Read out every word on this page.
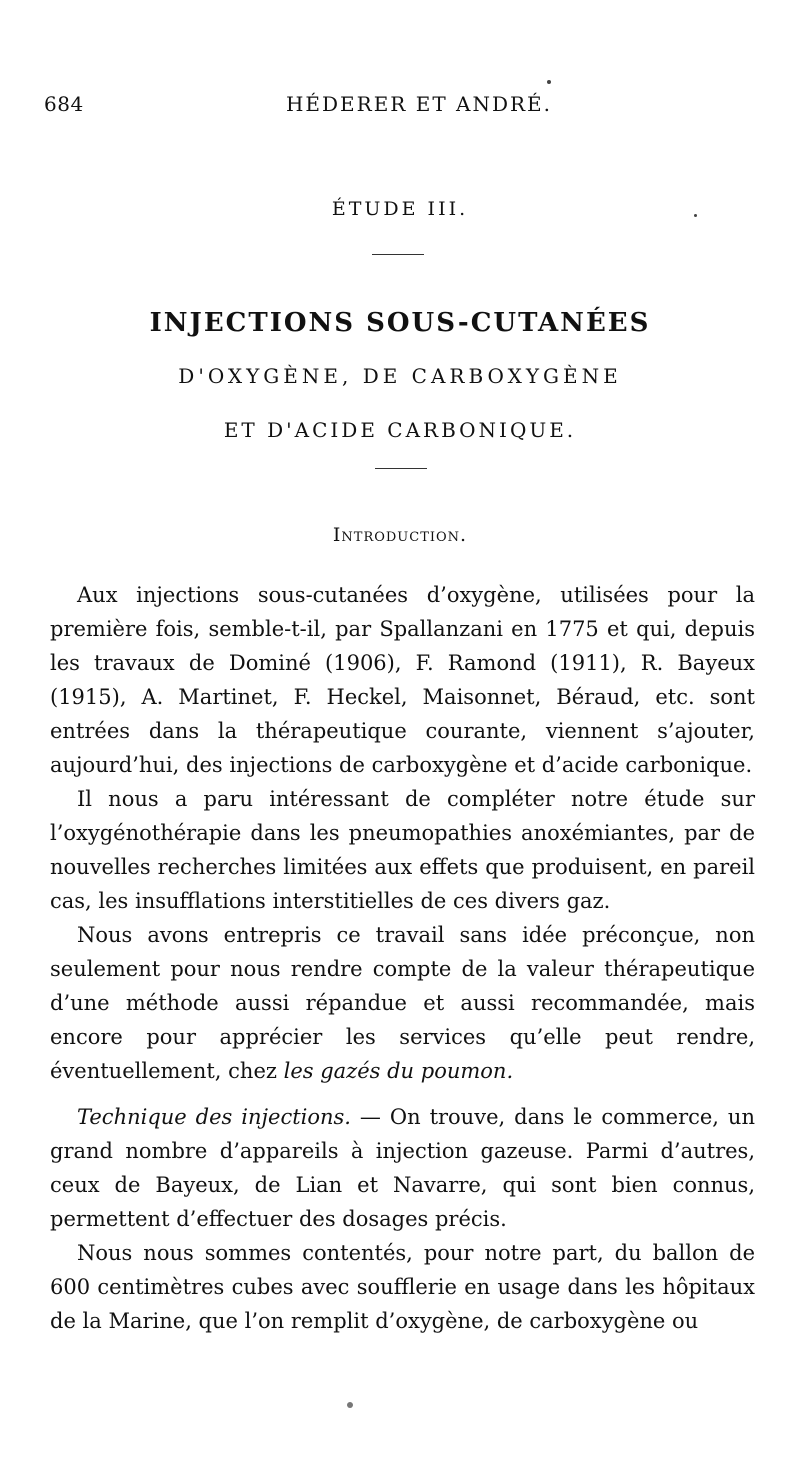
684	HÉDERER ET ANDRÉ.
ÉTUDE III.
INJECTIONS SOUS-CUTANÉES
D'OXYGÈNE, DE CARBOXYGÈNE
ET D'ACIDE CARBONIQUE.
Introduction.

Aux injections sous-cutanées d’oxygène, utilisées pour la première fois, semble-t-il, par Spallanzani en 1775 et qui, depuis les travaux de Dominé (1906), F. Ramond (1911), R. Bayeux (1915), A. Martinet, F. Heckel, Maisonnet, Béraud, etc. sont entrées dans la thérapeutique courante, viennent s’ajouter, aujourd’hui, des injections de carboxygène et d’acide carbonique.

Il nous a paru intéressant de compléter notre étude sur l’oxygénothérapie dans les pneumopathies anoxémiantes, par de nouvelles recherches limitées aux effets que produisent, en pareil cas, les insufflations interstitielles de ces divers gaz.

Nous avons entrepris ce travail sans idée préconçue, non seulement pour nous rendre compte de la valeur thérapeutique d’une méthode aussi répandue et aussi recommandée, mais encore pour apprécier les services qu’elle peut rendre, éventuellement, chez les gazés du poumon.

Technique des injections. — On trouve, dans le commerce, un grand nombre d’appareils à injection gazeuse. Parmi d’autres, ceux de Bayeux, de Lian et Navarre, qui sont bien connus, permettent d’effectuer des dosages précis.

Nous nous sommes contentés, pour notre part, du ballon de 600 centimètres cubes avec soufflerie en usage dans les hôpitaux de la Marine, que l’on remplit d’oxygène, de carboxygène ou
